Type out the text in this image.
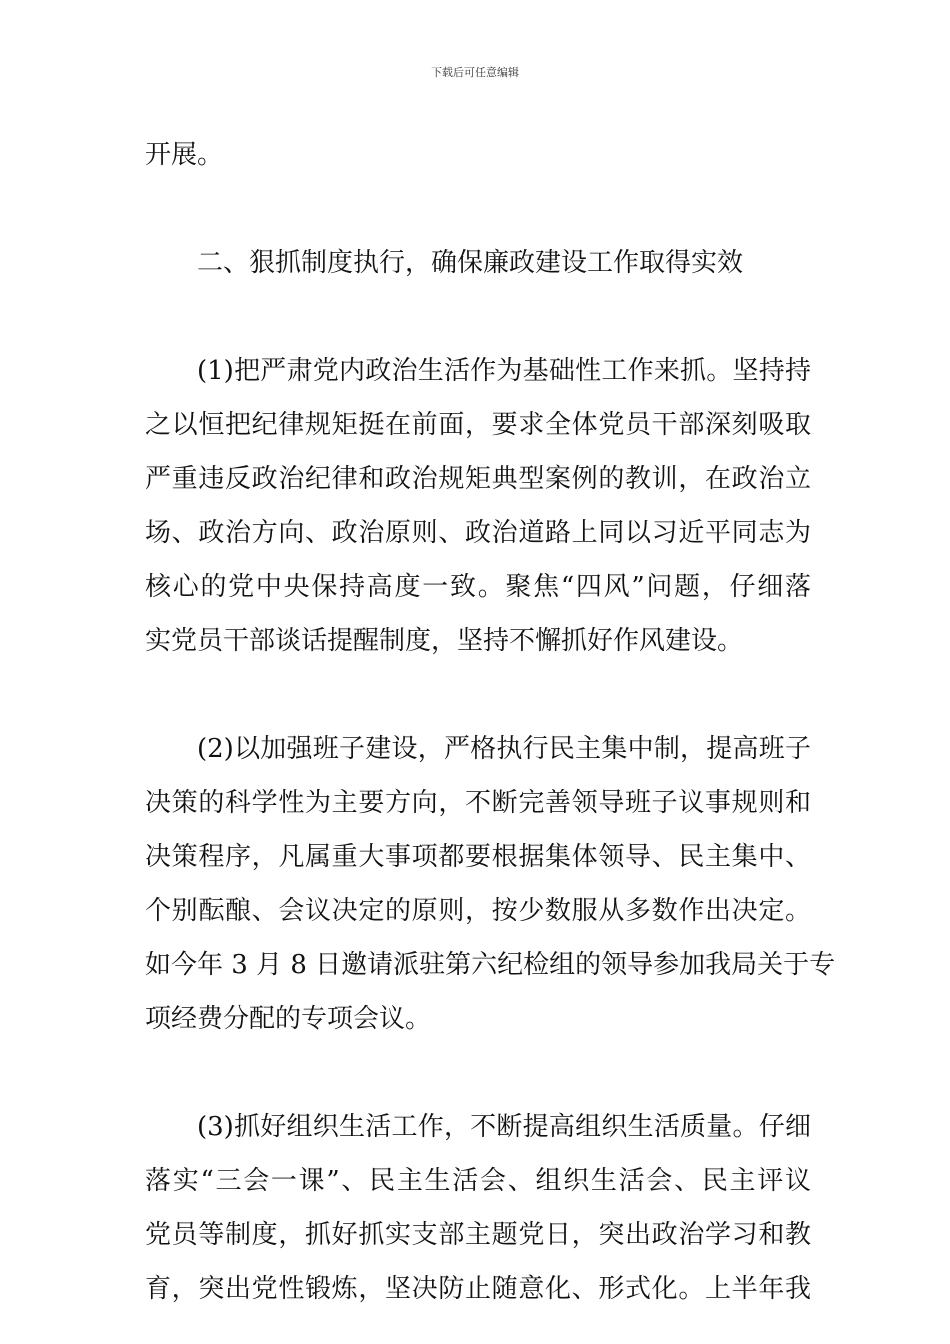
下载后可任意编辑
开展。
二、狠抓制度执行，确保廉政建设工作取得实效
(1)把严肃党内政治生活作为基础性工作来抓。坚持持
之以恒把纪律规矩挺在前面，要求全体党员干部深刻吸取
严重违反政治纪律和政治规矩典型案例的教训，在政治立
场、政治方向、政治原则、政治道路上同以习近平同志为
核心的党中央保持高度一致。聚焦“四风”问题，仔细落
实党员干部谈话提醒制度，坚持不懈抓好作风建设。
(2)以加强班子建设，严格执行民主集中制，提高班子
决策的科学性为主要方向，不断完善领导班子议事规则和
决策程序，凡属重大事项都要根据集体领导、民主集中、
个别酝酿、会议决定的原则，按少数服从多数作出决定。
如今年 3 月 8 日邀请派驻第六纪检组的领导参加我局关于专
项经费分配的专项会议。
(3)抓好组织生活工作，不断提高组织生活质量。仔细
落实“三会一课”、民主生活会、组织生活会、民主评议
党员等制度，抓好抓实支部主题党日，突出政治学习和教
育，突出党性锻炼，坚决防止随意化、形式化。上半年我
